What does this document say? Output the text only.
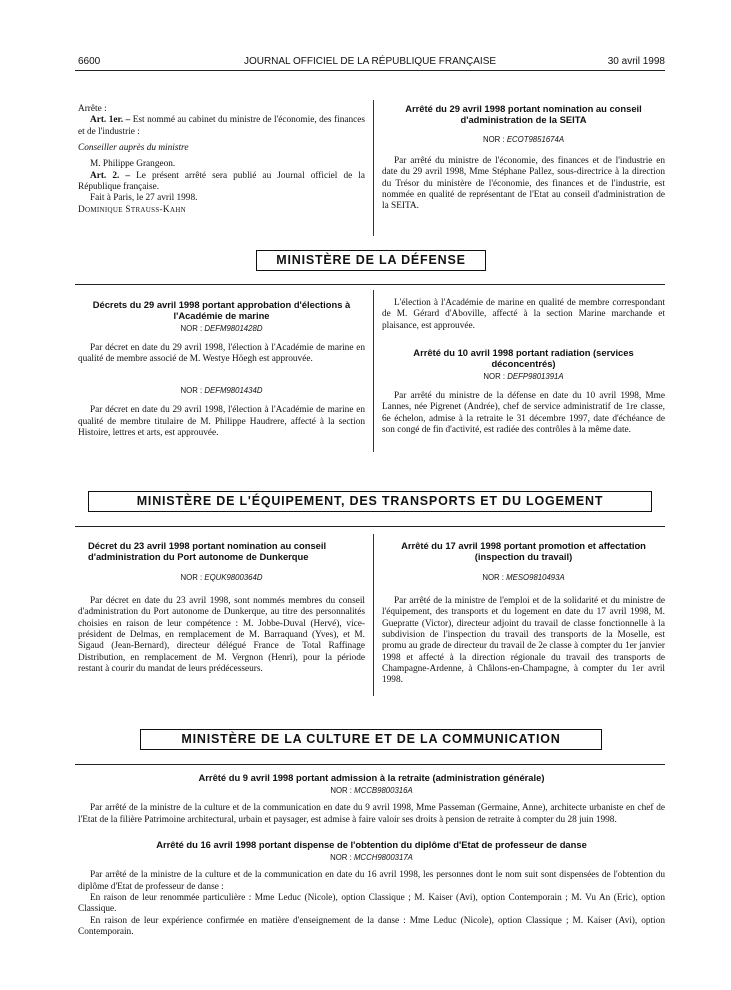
6600	JOURNAL OFFICIEL DE LA RÉPUBLIQUE FRANÇAISE	30 avril 1998

Arrête :

Art. 1er. – Est nommé au cabinet du ministre de l'économie, des finances et de l'industrie :

Conseiller auprès du ministre

M. Philippe Grangeon.

Art. 2. – Le présent arrêté sera publié au Journal officiel de la République française.

Fait à Paris, le 27 avril 1998.

Dominique Strauss-Kahn

Arrêté du 29 avril 1998 portant nomination au conseil d'administration de la SEITA
NOR : ECOT9851674A

Par arrêté du ministre de l'économie, des finances et de l'industrie en date du 29 avril 1998, Mme Stéphane Pallez, sous-directrice à la direction du Trésor du ministère de l'économie, des finances et de l'industrie, est nommée en qualité de représentant de l'Etat au conseil d'administration de la SEITA.

MINISTÈRE DE LA DÉFENSE
Décrets du 29 avril 1998 portant approbation d'élections à l'Académie de marine
NOR : DEFM9801428D

Par décret en date du 29 avril 1998, l'élection à l'Académie de marine en qualité de membre associé de M. Westye Höegh est approuvée.

NOR : DEFM9801434D

Par décret en date du 29 avril 1998, l'élection à l'Académie de marine en qualité de membre titulaire de M. Philippe Haudrere, affecté à la section Histoire, lettres et arts, est approuvée.

L'élection à l'Académie de marine en qualité de membre correspondant de M. Gérard d'Aboville, affecté à la section Marine marchande et plaisance, est approuvée.

Arrêté du 10 avril 1998 portant radiation (services déconcentrés)
NOR : DEFP9801391A

Par arrêté du ministre de la défense en date du 10 avril 1998, Mme Lannes, née Pigrenet (Andrée), chef de service administratif de 1re classe, 6e échelon, admise à la retraite le 31 décembre 1997, date d'échéance de son congé de fin d'activité, est radiée des contrôles à la même date.

MINISTÈRE DE L'ÉQUIPEMENT, DES TRANSPORTS ET DU LOGEMENT
Décret du 23 avril 1998 portant nomination au conseil d'administration du Port autonome de Dunkerque
NOR : EQUK9800364D

Par décret en date du 23 avril 1998, sont nommés membres du conseil d'administration du Port autonome de Dunkerque, au titre des personnalités choisies en raison de leur compétence : M. Jobbe-Duval (Hervé), vice-président de Delmas, en remplacement de M. Barraquand (Yves), et M. Sigaud (Jean-Bernard), directeur délégué France de Total Raffinage Distribution, en remplacement de M. Vergnon (Henri), pour la période restant à courir du mandat de leurs prédécesseurs.

Arrêté du 17 avril 1998 portant promotion et affectation (inspection du travail)
NOR : MESO9810493A

Par arrêté de la ministre de l'emploi et de la solidarité et du ministre de l'équipement, des transports et du logement en date du 17 avril 1998, M. Guepratte (Victor), directeur adjoint du travail de classe fonctionnelle à la subdivision de l'inspection du travail des transports de la Moselle, est promu au grade de directeur du travail de 2e classe à compter du 1er janvier 1998 et affecté à la direction régionale du travail des transports de Champagne-Ardenne, à Châlons-en-Champagne, à compter du 1er avril 1998.

MINISTÈRE DE LA CULTURE ET DE LA COMMUNICATION
Arrêté du 9 avril 1998 portant admission à la retraite (administration générale)
NOR : MCCB9800316A

Par arrêté de la ministre de la culture et de la communication en date du 9 avril 1998, Mme Passeman (Germaine, Anne), architecte urbaniste en chef de l'Etat de la filière Patrimoine architectural, urbain et paysager, est admise à faire valoir ses droits à pension de retraite à compter du 28 juin 1998.

Arrêté du 16 avril 1998 portant dispense de l'obtention du diplôme d'Etat de professeur de danse
NOR : MCCH9800317A

Par arrêté de la ministre de la culture et de la communication en date du 16 avril 1998, les personnes dont le nom suit sont dispensées de l'obtention du diplôme d'Etat de professeur de danse :

En raison de leur renommée particulière : Mme Leduc (Nicole), option Classique ; M. Kaiser (Avi), option Contemporain ; M. Vu An (Eric), option Classique.

En raison de leur expérience confirmée en matière d'enseignement de la danse : Mme Leduc (Nicole), option Classique ; M. Kaiser (Avi), option Contemporain.
